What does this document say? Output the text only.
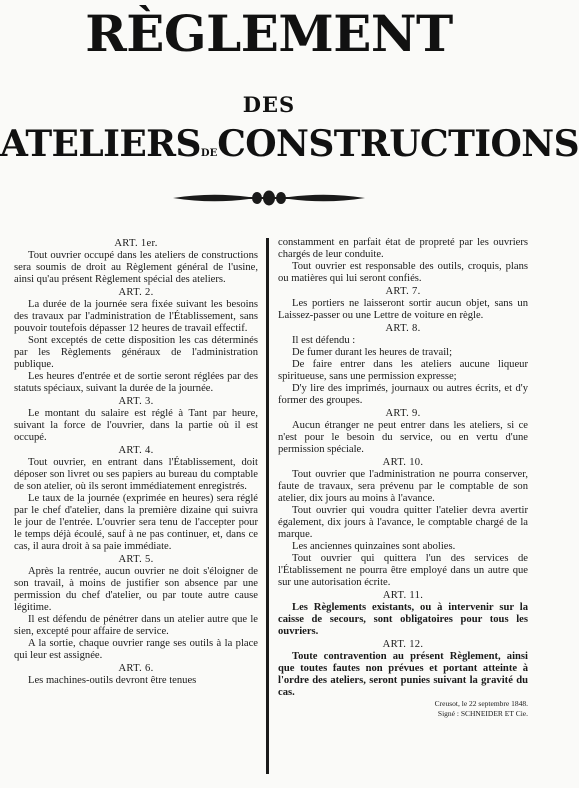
RÈGLEMENT
DES
ATELIERSDECONSTRUCTIONS

ART. 1er.

Tout ouvrier occupé dans les ateliers de constructions sera soumis de droit au Règlement général de l'usine, ainsi qu'au présent Règlement spécial des ateliers.

ART. 2.

La durée de la journée sera fixée suivant les besoins des travaux par l'administration de l'Établissement, sans pouvoir toutefois dépasser 12 heures de travail effectif.

Sont exceptés de cette disposition les cas déterminés par les Règlements généraux de l'administration publique.

Les heures d'entrée et de sortie seront réglées par des statuts spéciaux, suivant la durée de la journée.

ART. 3.

Le montant du salaire est réglé à Tant par heure, suivant la force de l'ouvrier, dans la partie où il est occupé.

ART. 4.

Tout ouvrier, en entrant dans l'Établissement, doit déposer son livret ou ses papiers au bureau du comptable de son atelier, où ils seront immédiatement enregistrés.

Le taux de la journée (exprimée en heures) sera réglé par le chef d'atelier, dans la première dizaine qui suivra le jour de l'entrée. L'ouvrier sera tenu de l'accepter pour le temps déjà écoulé, sauf à ne pas continuer, et, dans ce cas, il aura droit à sa paie immédiate.

ART. 5.

Après la rentrée, aucun ouvrier ne doit s'éloigner de son travail, à moins de justifier son absence par une permission du chef d'atelier, ou par toute autre cause légitime.

Il est défendu de pénétrer dans un atelier autre que le sien, excepté pour affaire de service.

A la sortie, chaque ouvrier range ses outils à la place qui leur est assignée.

ART. 6.

Les machines-outils devront être tenues

constamment en parfait état de propreté par les ouvriers chargés de leur conduite.

Tout ouvrier est responsable des outils, croquis, plans ou matières qui lui seront confiés.

ART. 7.

Les portiers ne laisseront sortir aucun objet, sans un Laissez-passer ou une Lettre de voiture en règle.

ART. 8.

Il est défendu :

De fumer durant les heures de travail;

De faire entrer dans les ateliers aucune liqueur spiritueuse, sans une permission expresse;

D'y lire des imprimés, journaux ou autres écrits, et d'y former des groupes.

ART. 9.

Aucun étranger ne peut entrer dans les ateliers, si ce n'est pour le besoin du service, ou en vertu d'une permission spéciale.

ART. 10.

Tout ouvrier que l'administration ne pourra conserver, faute de travaux, sera prévenu par le comptable de son atelier, dix jours au moins à l'avance.

Tout ouvrier qui voudra quitter l'atelier devra avertir également, dix jours à l'avance, le comptable chargé de la marque.

Les anciennes quinzaines sont abolies.

Tout ouvrier qui quittera l'un des services de l'Établissement ne pourra être employé dans un autre que sur une autorisation écrite.

ART. 11.

Les Règlements existants, ou à intervenir sur la caisse de secours, sont obligatoires pour tous les ouvriers.

ART. 12.

Toute contravention au présent Règlement, ainsi que toutes fautes non prévues et portant atteinte à l'ordre des ateliers, seront punies suivant la gravité du cas.

Creusot, le 22 septembre 1848.

Signé : SCHNEIDER ET Cie.
